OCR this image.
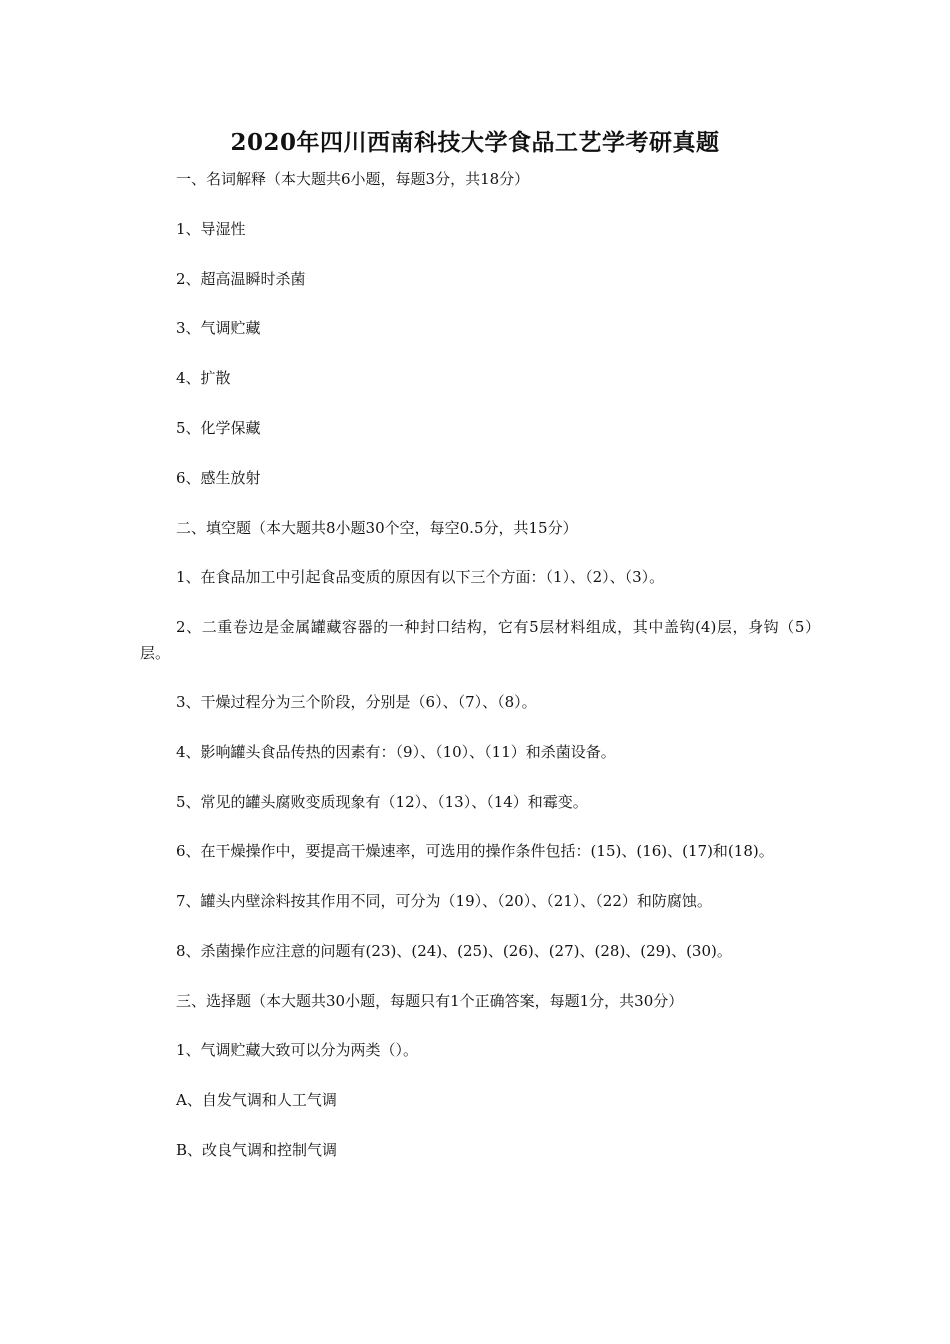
2020年四川西南科技大学食品工艺学考研真题

一、名词解释（本大题共6小题，每题3分，共18分）

1、导湿性

2、超高温瞬时杀菌

3、气调贮藏

4、扩散

5、化学保藏

6、感生放射

二、填空题（本大题共8小题30个空，每空0.5分，共15分）

1、在食品加工中引起食品变质的原因有以下三个方面：（1）、（2）、（3）。

2、二重卷边是金属罐藏容器的一种封口结构，它有5层材料组成，其中盖钩(4)层，身钩（5）层。

3、干燥过程分为三个阶段，分别是（6）、（7）、（8）。

4、影响罐头食品传热的因素有：（9）、（10）、（11）和杀菌设备。

5、常见的罐头腐败变质现象有（12）、（13）、（14）和霉变。

6、在干燥操作中，要提高干燥速率，可选用的操作条件包括：(15)、(16)、(17)和(18)。

7、罐头内壁涂料按其作用不同，可分为（19）、（20）、（21）、（22）和防腐蚀。

8、杀菌操作应注意的问题有(23)、(24)、(25)、(26)、(27)、(28)、(29)、(30)。

三、选择题（本大题共30小题，每题只有1个正确答案，每题1分，共30分）

1、气调贮藏大致可以分为两类（）。

A、自发气调和人工气调

B、改良气调和控制气调
